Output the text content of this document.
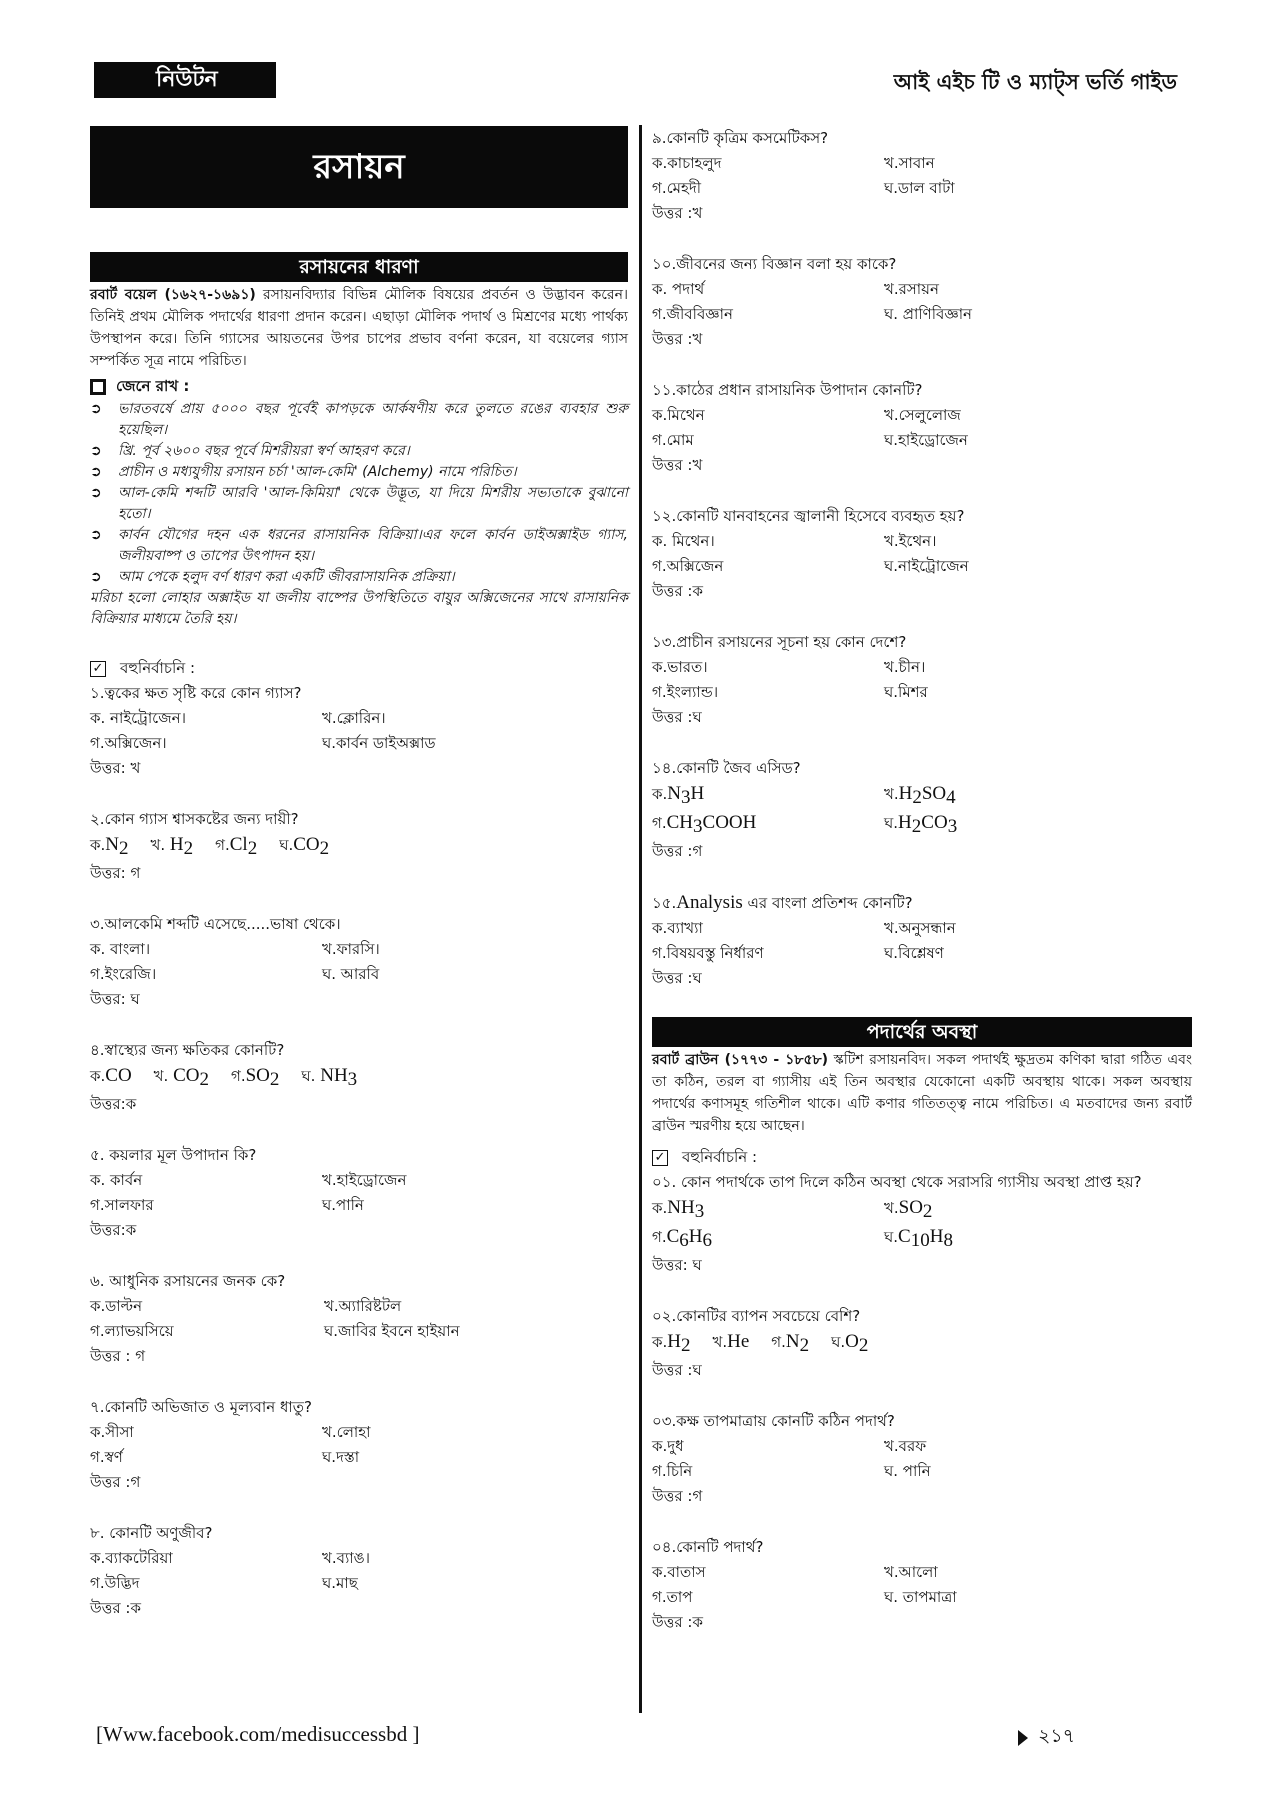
নিউটন	আই এইচ টি ও ম্যাট্‌স ভর্তি গাইড
রসায়ন
রসায়নের ধারণা
রবার্ট বয়েল (১৬২৭-১৬৯১) রসায়নবিদ্যার বিভিন্ন মৌলিক বিষয়ের প্রবর্তন ও উদ্ভাবন করেন। তিনিই প্রথম মৌলিক পদার্থের ধারণা প্রদান করেন। এছাড়া মৌলিক পদার্থ ও মিশ্রণের মধ্যে পার্থক্য উপস্থাপন করে। তিনি গ্যাসের আয়তনের উপর চাপের প্রভাব বর্ণনা করেন, যা বয়েলের গ্যাস সম্পর্কিত সূত্র নামে পরিচিত।
জেনে রাখ :
➲	ভারতবর্ষে প্রায় ৫০০০ বছর পূর্বেই কাপড়কে আর্কষণীয় করে তুলতে রঙের ব্যবহার শুরু হয়েছিল।
➲	খ্রি. পূর্ব ২৬০০ বছর পূর্বে মিশরীয়রা স্বর্ণ আহরণ করে।
➲	প্রাচীন ও মধ্যযুগীয় রসায়ন চর্চা 'আল-কেমি' (Alchemy) নামে পরিচিত।
➲	আল-কেমি শব্দটি আরবি 'আল-কিমিয়া' থেকে উদ্ভূত, যা দিয়ে মিশরীয় সভ্যতাকে বুঝানো হতো।
➲	কার্বন যৌগের দহন এক ধরনের রাসায়নিক বিক্রিয়া।এর ফলে কার্বন ডাইঅক্সাইড গ্যাস, জলীয়বাষ্প ও তাপের উৎপাদন হয়।
➲	আম পেকে হলুদ বর্ণ ধারণ করা একটি জীবরাসায়নিক প্রক্রিয়া।
মরিচা হলো লোহার অক্সাইড যা জলীয় বাষ্পের উপস্থিতিতে বায়ুর অক্সিজেনের সাথে রাসায়নিক বিক্রিয়ার মাধ্যমে তৈরি হয়।
✓ বহুনির্বাচনি :
১.ত্বকের ক্ষত সৃষ্টি করে কোন গ্যাস?
ক. নাইট্রোজেন।	খ.ক্লোরিন।
গ.অক্সিজেন।	ঘ.কার্বন ডাইঅক্সাড
উত্তর: খ
২.কোন গ্যাস শ্বাসকষ্টের জন্য দায়ী?
$ক.N_2$ খ. $H_2$ $গ.Cl_2$ $ঘ.CO_2$
উত্তর: গ
৩.আলকেমি শব্দটি এসেছে.....ভাষা থেকে।
ক. বাংলা।	খ.ফারসি।
গ.ইংরেজি।	ঘ. আরবি
উত্তর: ঘ
৪.স্বাস্থ্যের জন্য ক্ষতিকর কোনটি?
ক.CO খ. $CO_2$ $গ.SO_2$ ঘ. $NH_3$
উত্তর:ক
৫. কয়লার মূল উপাদান কি?
ক. কার্বন	খ.হাইড্রোজেন
গ.সালফার	ঘ.পানি
উত্তর:ক
৬. আধুনিক রসায়নের জনক কে?
ক.ডাল্টন	খ.অ্যারিষ্টটল
গ.ল্যাভয়সিয়ে	ঘ.জাবির ইবনে হাইয়ান
উত্তর : গ
৭.কোনটি অভিজাত ও মূল্যবান ধাতু?
ক.সীসা	খ.লোহা
গ.স্বর্ণ	ঘ.দস্তা
উত্তর :গ
৮. কোনটি অণুজীব?
ক.ব্যাকটেরিয়া	খ.ব্যাঙ।
গ.উদ্ভিদ	ঘ.মাছ
উত্তর :ক
৯.কোনটি কৃত্রিম কসমেটিকস?
ক.কাচাহলুদ	খ.সাবান
গ.মেহদী	ঘ.ডাল বাটা
উত্তর :খ
১০.জীবনের জন্য বিজ্ঞান বলা হয় কাকে?
ক. পদার্থ	খ.রসায়ন
গ.জীববিজ্ঞান	ঘ. প্রাণিবিজ্ঞান
উত্তর :খ
১১.কাঠের প্রধান রাসায়নিক উপাদান কোনটি?
ক.মিথেন	খ.সেলুলোজ
গ.মোম	ঘ.হাইড্রোজেন
উত্তর :খ
১২.কোনটি যানবাহনের জ্বালানী হিসেবে ব্যবহৃত হয়?
ক. মিথেন।	খ.ইথেন।
গ.অক্সিজেন	ঘ.নাইট্রোজেন
উত্তর :ক
১৩.প্রাচীন রসায়নের সূচনা হয় কোন দেশে?
ক.ভারত।	খ.চীন।
গ.ইংল্যান্ড।	ঘ.মিশর
উত্তর :ঘ
১৪.কোনটি জৈব এসিড?
$ক.N_3H$	$খ.H_2SO_4$
$গ.CH_3COOH$	$ঘ.H_2CO_3$
উত্তর :গ
১৫.Analysis এর বাংলা প্রতিশব্দ কোনটি?
ক.ব্যাখ্যা	খ.অনুসন্ধান
গ.বিষয়বস্তু নির্ধারণ	ঘ.বিশ্লেষণ
উত্তর :ঘ
পদার্থের অবস্থা
রবার্ট ব্রাউন (১৭৭৩ - ১৮৫৮) স্কটিশ রসায়নবিদ। সকল পদার্থই ক্ষুদ্রতম কণিকা দ্বারা গঠিত এবং তা কঠিন, তরল বা গ্যাসীয় এই তিন অবস্থার যেকোনো একটি অবস্থায় থাকে। সকল অবস্থায় পদার্থের কণাসমূহ গতিশীল থাকে। এটি কণার গতিতত্ত্ব নামে পরিচিত। এ মতবাদের জন্য রবার্ট ব্রাউন স্মরণীয় হয়ে আছেন।
✓ বহুনির্বাচনি :
০১. কোন পদার্থকে তাপ দিলে কঠিন অবস্থা থেকে সরাসরি গ্যাসীয় অবস্থা প্রাপ্ত হয়?
$ক.NH_3$	$খ.SO_2$
$গ.C_6H_6$	$ঘ.C_{10}H_8$
উত্তর: ঘ
০২.কোনটির ব্যাপন সবচেয়ে বেশি?
$ক.H_2$ খ.He $গ.N_2$ $ঘ.O_2$
উত্তর :ঘ
০৩.কক্ষ তাপমাত্রায় কোনটি কঠিন পদার্থ?
ক.দুধ	খ.বরফ
গ.চিনি	ঘ. পানি
উত্তর :গ
০৪.কোনটি পদার্থ?
ক.বাতাস	খ.আলো
গ.তাপ	ঘ. তাপমাত্রা
উত্তর :ক
[Www.facebook.com/medisuccessbd ]	২১৭
